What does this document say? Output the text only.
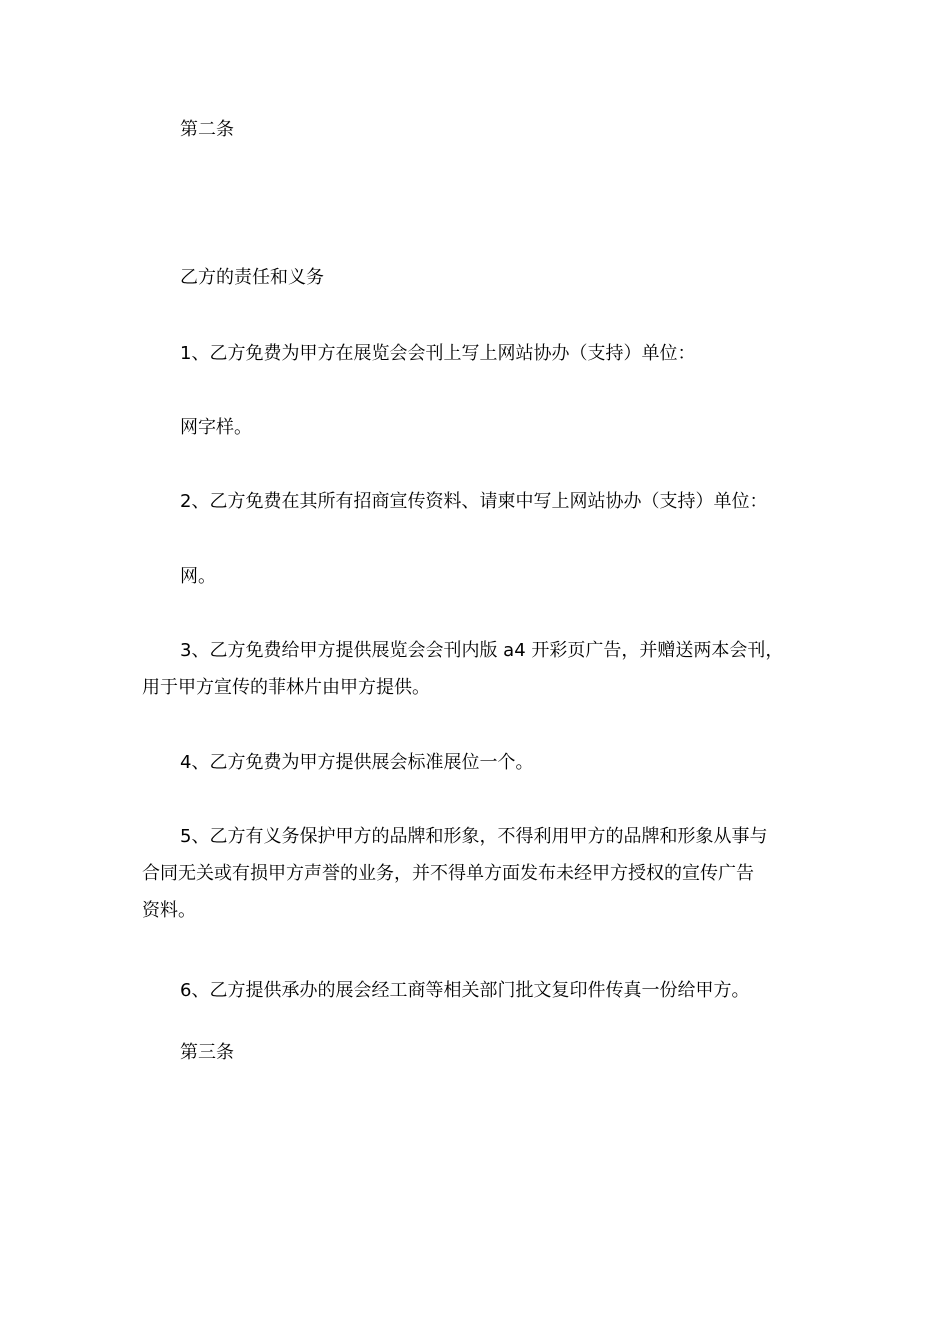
第二条

乙方的责任和义务

1、乙方免费为甲方在展览会会刊上写上网站协办（支持）单位：

网字样。

2、乙方免费在其所有招商宣传资料、请柬中写上网站协办（支持）单位：

网。

3、乙方免费给甲方提供展览会会刊内版 a4 开彩页广告，并赠送两本会刊，

用于甲方宣传的菲林片由甲方提供。

4、乙方免费为甲方提供展会标准展位一个。

5、乙方有义务保护甲方的品牌和形象，不得利用甲方的品牌和形象从事与

合同无关或有损甲方声誉的业务，并不得单方面发布未经甲方授权的宣传广告

资料。

6、乙方提供承办的展会经工商等相关部门批文复印件传真一份给甲方。

第三条
